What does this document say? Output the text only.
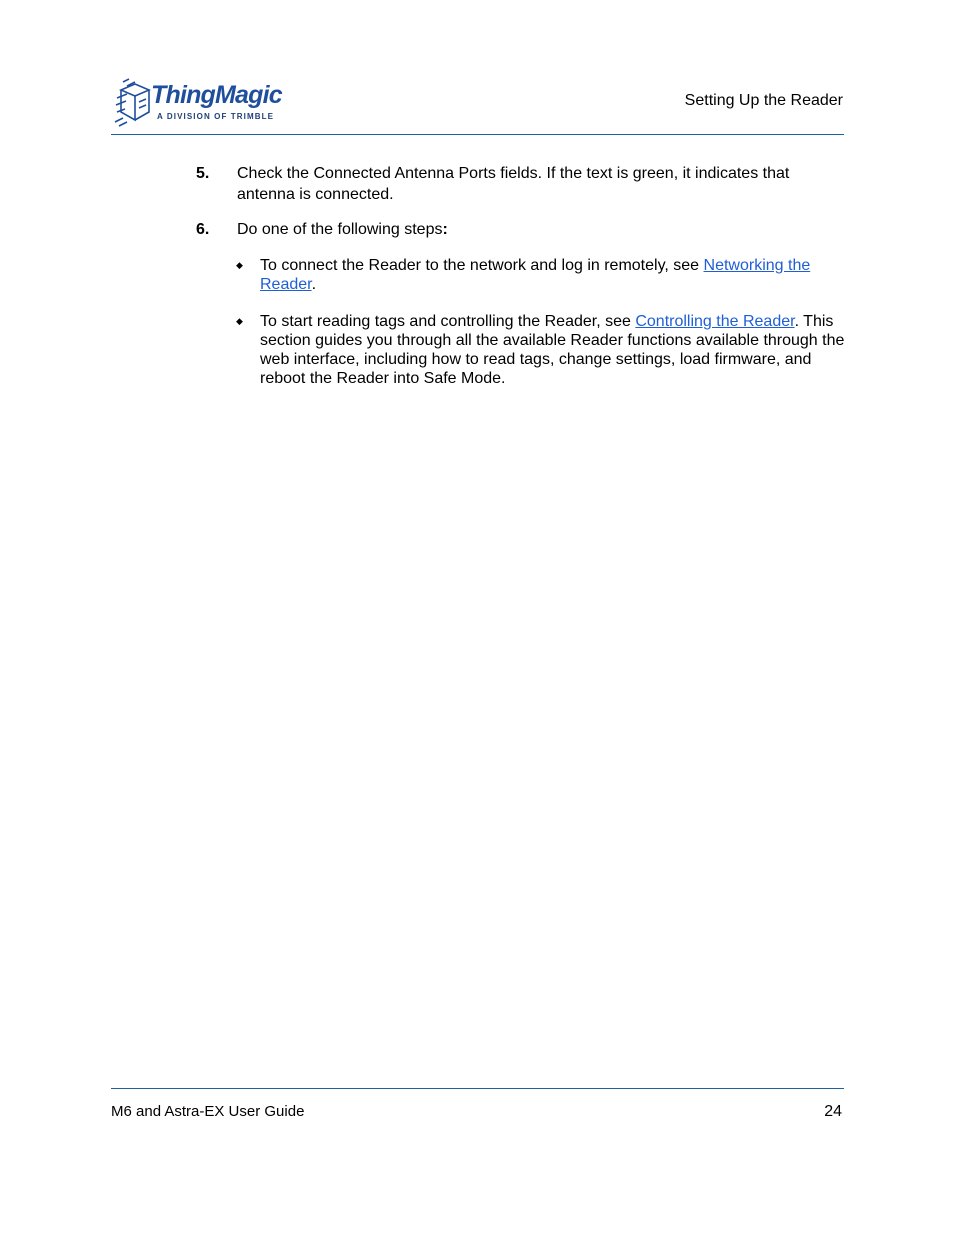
ThingMagic
A DIVISION OF TRIMBLE
Setting Up the Reader
5. Check the Connected Antenna Ports fields. If the text is green, it indicates that antenna is connected.
6. Do one of the following steps:
◆ To connect the Reader to the network and log in remotely, see Networking the Reader.
◆ To start reading tags and controlling the Reader, see Controlling the Reader. This section guides you through all the available Reader functions available through the web interface, including how to read tags, change settings, load firmware, and reboot the Reader into Safe Mode.
M6 and Astra-EX User Guide	24
